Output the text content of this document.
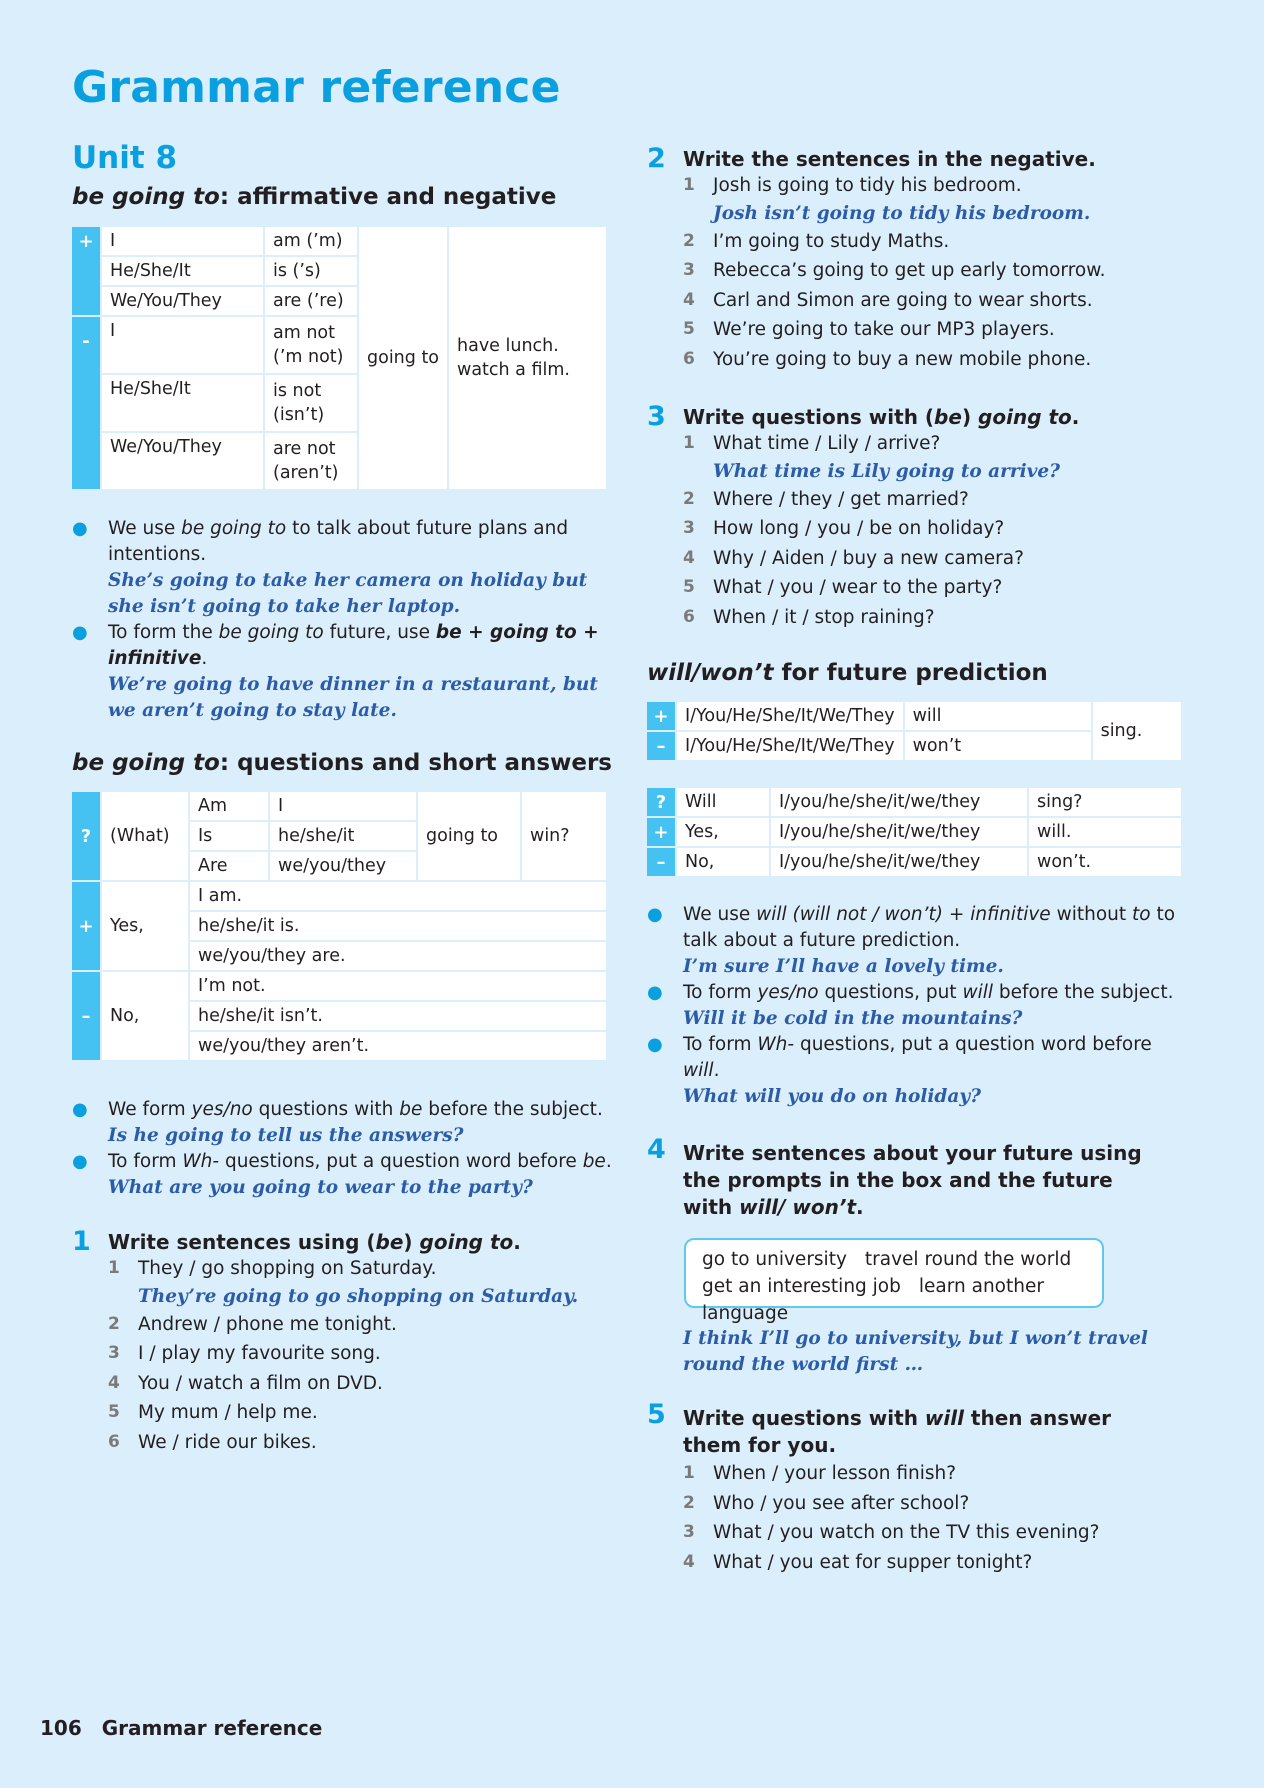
Grammar reference
Unit 8
be going to: affirmative and negative
+	I	am (’m)	going to	have lunch.
watch a film.

	He/She/It	is (’s)		
	We/You/They	are (’re)		
-	I	am not
(’m not)		

	He/She/It	is not
(isn’t)		

	We/You/They	are not
(aren’t)		
● We use be going to to talk about future plans and intentions.
She’s going to take her camera on holiday but she isn’t going to take her laptop.
● To form the be going to future, use be + going to + infinitive.
We’re going to have dinner in a restaurant, but we aren’t going to stay late.
be going to: questions and short answers
?	(What)	Am	I	going to	win?
		Is	he/she/it		
		Are	we/you/they		
+	Yes,	I am.			
		he/she/it is.			
		we/you/they are.			
–	No,	I’m not.			
		he/she/it isn’t.			
		we/you/they aren’t.			
● We form yes/no questions with be before the subject.
Is he going to tell us the answers?
● To form Wh- questions, put a question word before be.
What are you going to wear to the party?
1 Write sentences using (be) going to.
1 They / go shopping on Saturday.
They’re going to go shopping on Saturday.
2 Andrew / phone me tonight.
3 I / play my favourite song.
4 You / watch a film on DVD.
5 My mum / help me.
6 We / ride our bikes.
2 Write the sentences in the negative.
1 Josh is going to tidy his bedroom.
Josh isn’t going to tidy his bedroom.
2 I’m going to study Maths.
3 Rebecca’s going to get up early tomorrow.
4 Carl and Simon are going to wear shorts.
5 We’re going to take our MP3 players.
6 You’re going to buy a new mobile phone.
3 Write questions with (be) going to.
1 What time / Lily / arrive?
What time is Lily going to arrive?
2 Where / they / get married?
3 How long / you / be on holiday?
4 Why / Aiden / buy a new camera?
5 What / you / wear to the party?
6 When / it / stop raining?
will/won’t for future prediction
+	I/You/He/She/It/We/They	will	sing.
–	I/You/He/She/It/We/They	won’t	
?	Will	I/you/he/she/it/we/they	sing?
+	Yes,	I/you/he/she/it/we/they	will.
–	No,	I/you/he/she/it/we/they	won’t.
● We use will (will not / won’t) + infinitive without to to talk about a future prediction.
I’m sure I’ll have a lovely time.
● To form yes/no questions, put will before the subject.
Will it be cold in the mountains?
● To form Wh- questions, put a question word before will.
What will you do on holiday?
4 Write sentences about your future using the prompts in the box and the future with will/ won’t.
go to university travel round the world
get an interesting job learn another language
I think I’ll go to university, but I won’t travel round the world first …
5 Write questions with will then answer them for you.
1 When / your lesson finish?
2 Who / you see after school?
3 What / you watch on the TV this evening?
4 What / you eat for supper tonight?
106 Grammar reference
